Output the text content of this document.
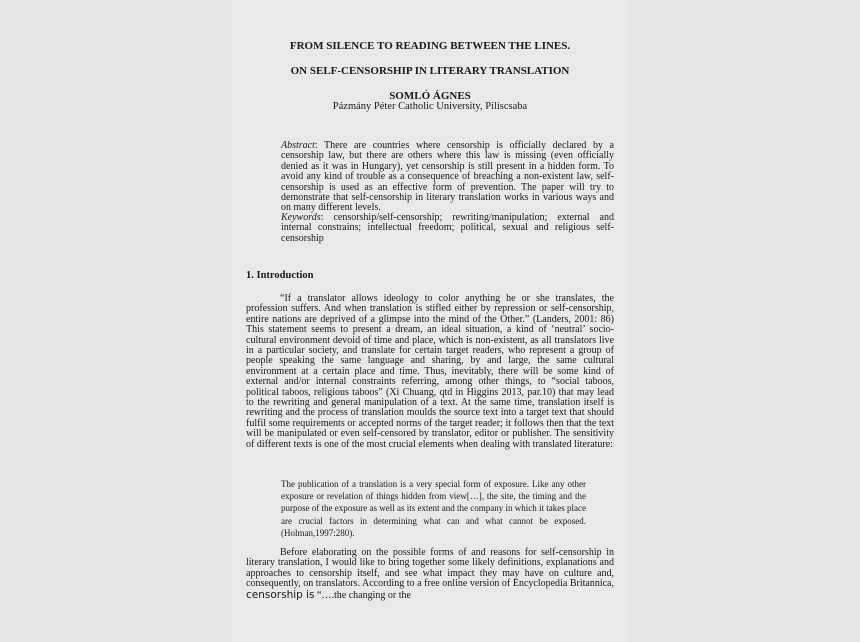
FROM SILENCE TO READING BETWEEN THE LINES.
ON SELF-CENSORSHIP IN LITERARY TRANSLATION
SOMLÓ ÁGNES
Pázmány Péter Catholic University, Piliscsaba

Abstract: There are countries where censorship is officially declared by a censorship law, but there are others where this law is missing (even officially denied as it was in Hungary), yet censorship is still present in a hidden form. To avoid any kind of trouble as a consequence of breaching a non-existent law, self-censorship is used as an effective form of prevention. The paper will try to demonstrate that self-censorship in literary translation works in various ways and on many different levels.

Keywords: censorship/self-censorship; rewriting/manipulation; external and internal constrains; intellectual freedom; political, sexual and religious self-censorship

1. Introduction

“If a translator allows ideology to color anything he or she translates, the profession suffers. And when translation is stifled either by repression or self-censorship, entire nations are deprived of a glimpse into the mind of the Other.” (Landers, 2001: 86) This statement seems to present a dream, an ideal situation, a kind of ‘neutral’ socio-cultural environment devoid of time and place, which is non-existent, as all translators live in a particular society, and translate for certain target readers, who represent a group of people speaking the same language and sharing, by and large, the same cultural environment at a certain place and time. Thus, inevitably, there will be some kind of external and/or internal constraints referring, among other things, to “social taboos, political taboos, religious taboos” (Xi Chuang, qtd in Higgins 2013, par.10) that may lead to the rewriting and general manipulation of a text. At the same time, translation itself is rewriting and the process of translation moulds the source text into a target text that should fulfil some requirements or accepted norms of the target reader; it follows then that the text will be manipulated or even self-censored by translator, editor or publisher. The sensitivity of different texts is one of the most crucial elements when dealing with translated literature:

The publication of a translation is a very special form of exposure. Like any other exposure or revelation of things hidden from view[…], the site, the timing and the purpose of the exposure as well as its extent and the company in which it takes place are crucial factors in determining what can and what cannot be exposed. (Holman,1997:280).

Before elaborating on the possible forms of and reasons for self-censorship in literary translation, I would like to bring together some likely definitions, explanations and approaches to censorship itself, and see what impact they may have on culture and, consequently, on translators. According to a free online version of Encyclopedia Britannica, censorship is “….the changing or the
